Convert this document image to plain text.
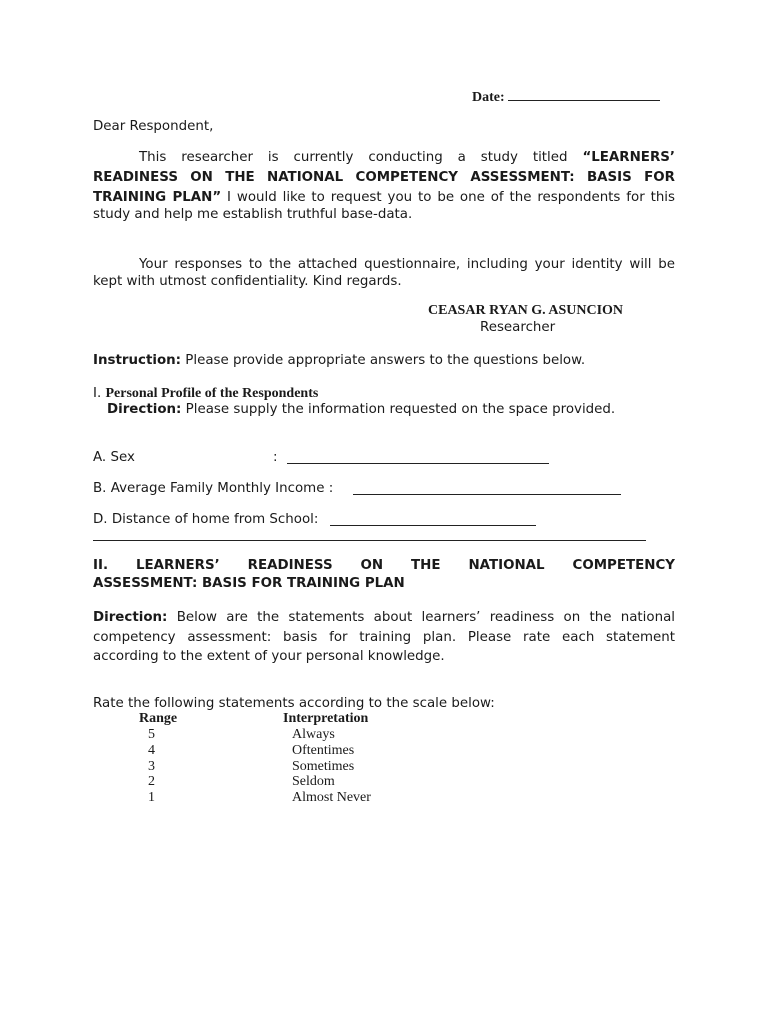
Date:
Dear Respondent,
This researcher is currently conducting a study titled “LEARNERS’
READINESS ON THE NATIONAL COMPETENCY ASSESSMENT: BASIS FOR
TRAINING PLAN” I would like to request you to be one of the respondents for this
study and help me establish truthful base-data.
Your responses to the attached questionnaire, including your identity will be
kept with utmost confidentiality. Kind regards.
CEASAR RYAN G. ASUNCION
Researcher
Instruction: Please provide appropriate answers to the questions below.
I. Personal Profile of the Respondents
Direction: Please supply the information requested on the space provided.
A. Sex	:
B. Average Family Monthly Income :
D. Distance of home from School:
II. LEARNERS’ READINESS ON THE NATIONAL COMPETENCY
ASSESSMENT: BASIS FOR TRAINING PLAN
Direction: Below are the statements about learners’ readiness on the national
competency assessment: basis for training plan. Please rate each statement
according to the extent of your personal knowledge.
Rate the following statements according to the scale below:
Range	Interpretation
5	Always
4	Oftentimes
3	Sometimes
2	Seldom
1	Almost Never
